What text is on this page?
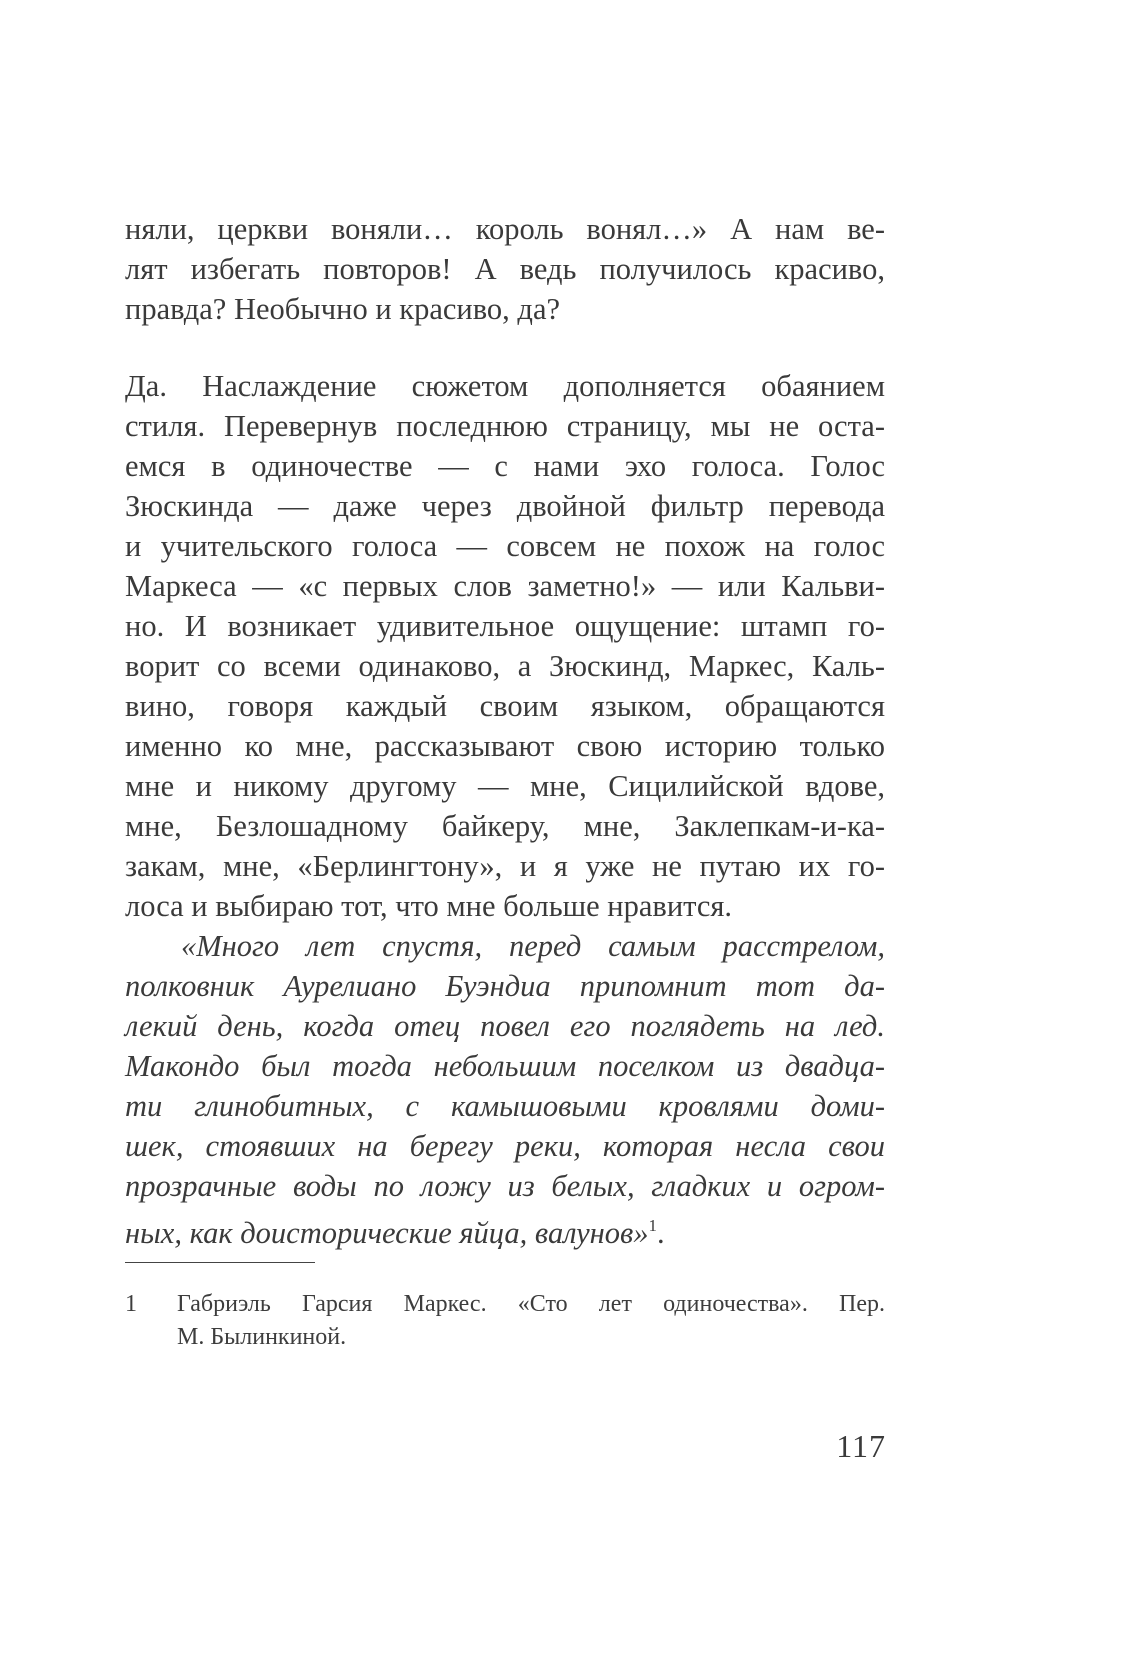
няли, церкви воняли… король вонял…» А нам ве-
лят избегать повторов! А ведь получилось красиво,
правда? Необычно и красиво, да?
Да. Наслаждение сюжетом дополняется обаянием
стиля. Перевернув последнюю страницу, мы не оста-
емся в одиночестве — с нами эхо голоса. Голос
Зюскинда — даже через двойной фильтр перевода
и учительского голоса — совсем не похож на голос
Маркеса — «с первых слов заметно!» — или Кальви-
но. И возникает удивительное ощущение: штамп го-
ворит со всеми одинаково, а Зюскинд, Маркес, Каль-
вино, говоря каждый своим языком, обращаются
именно ко мне, рассказывают свою историю только
мне и никому другому — мне, Сицилийской вдове,
мне, Безлошадному байкеру, мне, Заклепкам-и-ка-
закам, мне, «Берлингтону», и я уже не путаю их го-
лоса и выбираю тот, что мне больше нравится.
«Много лет спустя, перед самым расстрелом,
полковник Аурелиано Буэндиа припомнит тот да-
лекий день, когда отец повел его поглядеть на лед.
Макондо был тогда небольшим поселком из двадца-
ти глинобитных, с камышовыми кровлями доми-
шек, стоявших на берегу реки, которая несла свои
прозрачные воды по ложу из белых, гладких и огром-
ных, как доисторические яйца, валунов»$^1$.
1 Габриэль Гарсия Маркес. «Сто лет одиночества». Пер.
М. Былинкиной.
117
